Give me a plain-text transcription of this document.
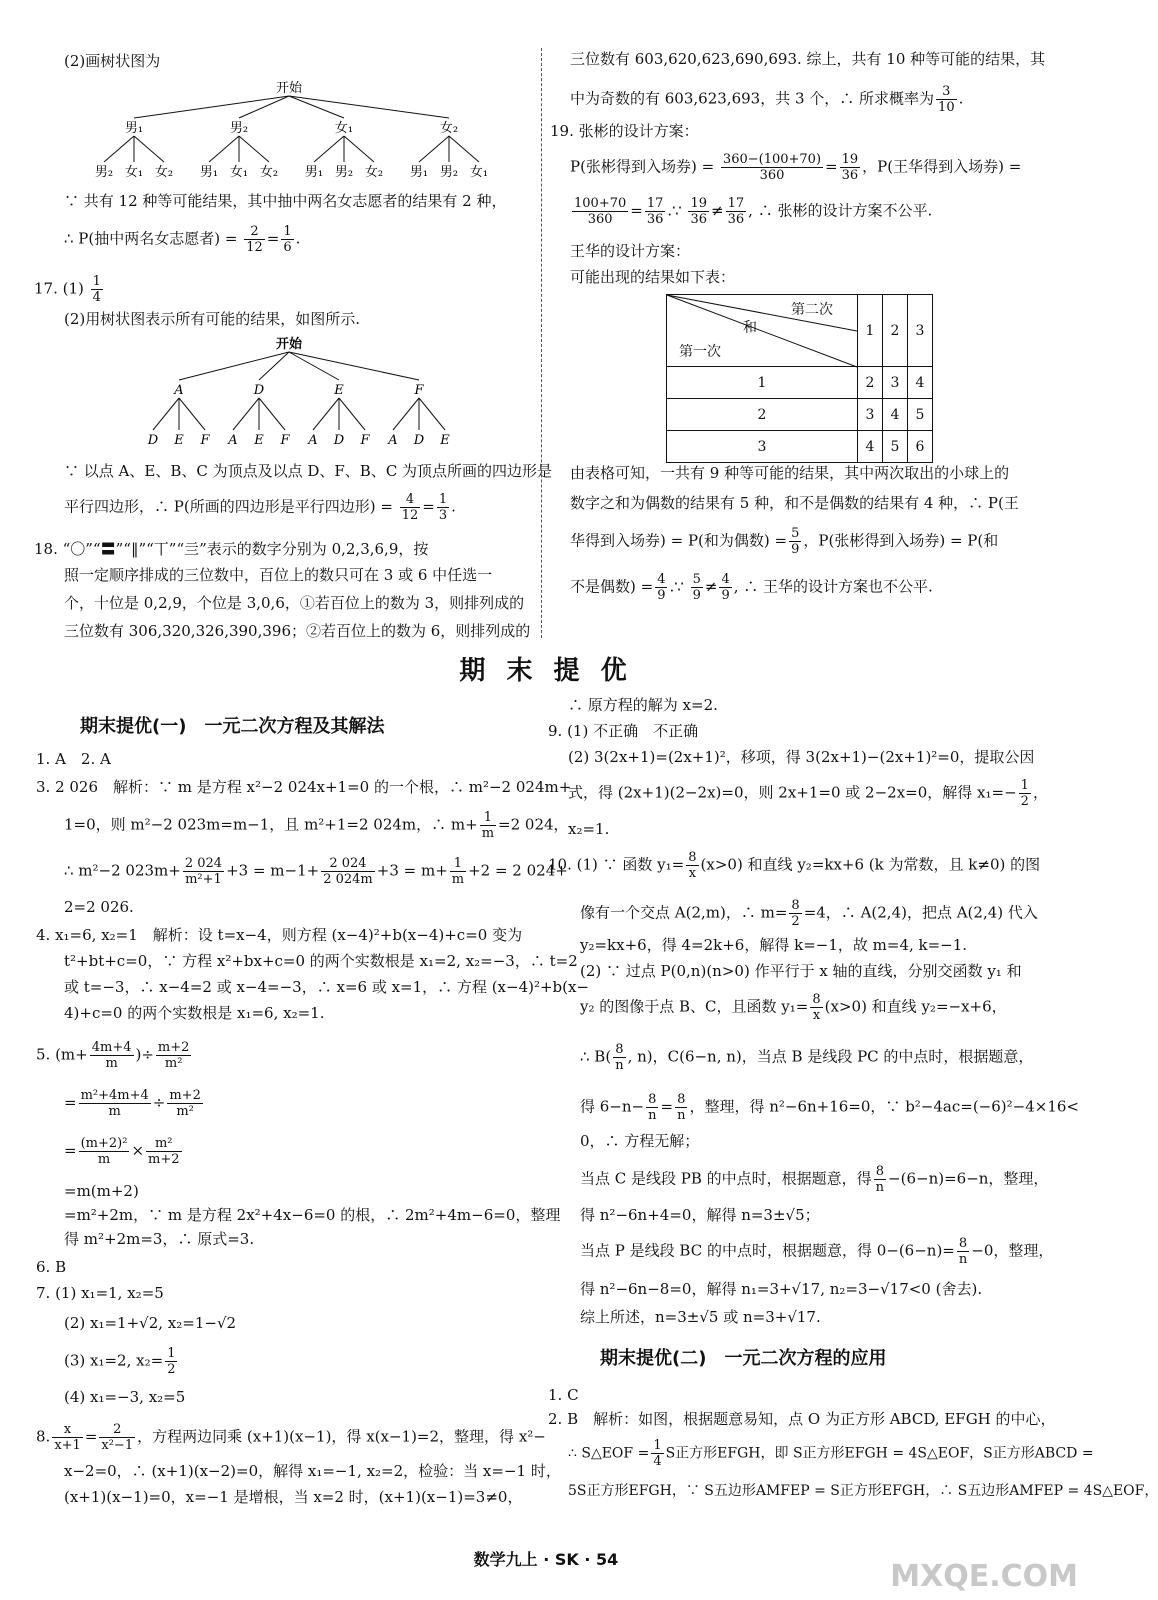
(2)画树状图为
开始
男₁
男₂ 女₁ 女₂
男₂
男₁ 女₁ 女₂
女₁
男₁ 男₂ 女₂
女₂
男₁ 男₂ 女₁
∵ 共有 12 种等可能结果，其中抽中两名女志愿者的结果有 2 种，
∴ P(抽中两名女志愿者) = $\frac{2}{12} = \frac{1}{6}$ .
17. $(1) \frac{1}{4}$
(2)用树状图表示所有可能的结果，如图所示.
开始
A
D E F
D
A E F
E
A D F
F
A D E
∵ 以点 A、E、B、C 为顶点及以点 D、F、B、C 为顶点所画的四边形是
平行四边形，∴ P(所画的四边形是平行四边形) = $\frac{4}{12} = \frac{1}{3}$ .
18. “〇”“〓”“‖”“丅”“亖”表示的数字分别为 0,2,3,6,9，按
照一定顺序排成的三位数中，百位上的数只可在 3 或 6 中任选一
个，十位是 0,2,9，个位是 3,0,6，①若百位上的数为 3，则排列成的
三位数有 306,320,326,390,396；②若百位上的数为 6，则排列成的
三位数有 603,620,623,690,693. 综上，共有 10 种等可能的结果，其
中为奇数的有 603,623,693，共 3 个，∴ 所求概率为 $\frac{3}{10}$ .
19. 张彬的设计方案：
P(张彬得到入场券) = $\frac{360-(100+70)}{360} = \frac{19}{36}$ ，P(王华得到入场券) =
$\frac{100+70}{360} = \frac{17}{36}$ .∵ $\frac{19}{36} \ne \frac{17}{36}$ , ∴ 张彬的设计方案不公平.
王华的设计方案：
可能出现的结果如下表：
第二次
和
第一次	1	2	3
1	2	3	4
2	3	4	5
3	4	5	6
由表格可知，一共有 9 种等可能的结果，其中两次取出的小球上的
数字之和为偶数的结果有 5 种，和不是偶数的结果有 4 种，∴ P(王
华得到入场券) = P(和为偶数) = $\frac{5}{9}$ ，P(张彬得到入场券) = P(和
不是偶数) = $\frac{4}{9}$ .∵ $\frac{5}{9} \ne \frac{4}{9}$ , ∴ 王华的设计方案也不公平.
期 末 提 优
期末提优(一)　一元二次方程及其解法
1. A　2. A
3. 2 026　解析：∵ m 是方程 x²−2 024x+1=0 的一个根，∴ m²−2 024m+
1=0，则 m²−2 023m=m−1，且 m²+1=2 024m，∴ $m+ \frac{1}{m} =2$ 024，
∴ m²−2 $023m+ \frac{2 024}{\text{m²+1}} +3 = m-1+ \frac{2 024}{2 024m} +3 = m+ \frac{1}{m} +2 = 2$ 024+
2=2 026.
4. x₁=6, x₂=1　解析：设 t=x−4，则方程 (x−4)²+b(x−4)+c=0 变为
t²+bt+c=0，∵ 方程 x²+bx+c=0 的两个实数根是 x₁=2, x₂=−3，∴ t=2
或 t=−3，∴ x−4=2 或 x−4=−3，∴ x=6 或 x=1，∴ 方程 (x−4)²+b(x−
4)+c=0 的两个实数根是 x₁=6, x₂=1.
5. ($m+ \frac{4m+4}{m}$ )÷ $\frac{m+2}{\text{m²}}$
= $\frac{\text{m²+4m+4}}{m} \div \frac{m+2}{\text{m²}}$
= $\frac{\text{(m+2)²}}{m} \times \frac{\text{m²}}{m+2}$
=m(m+2)
=m²+2m，∵ m 是方程 2x²+4x−6=0 的根，∴ 2m²+4m−6=0，整理
得 m²+2m=3，∴ 原式=3.
6. B
7. (1) x₁=1, x₂=5
(2) x₁=1+√2, x₂=1−√2
(3) x₁=2, $x_2= \frac{1}{2}$
(4) x₁=−3, x₂=5
8. $\frac{x}{x+1} = \frac{2}{\text{x²−1}}$ ，方程两边同乘 (x+1)(x−1)，得 x(x−1)=2，整理，得 x²−
x−2=0，∴ (x+1)(x−2)=0，解得 x₁=−1, x₂=2，检验：当 x=−1 时，
(x+1)(x−1)=0，x=−1 是增根，当 x=2 时，(x+1)(x−1)=3≠0，
∴ 原方程的解为 x=2.
9. (1) 不正确　不正确
(2) 3(2x+1)=(2x+1)²，移项，得 3(2x+1)−(2x+1)²=0，提取公因
式，得 (2x+1)(2−2x)=0，则 2x+1=0 或 2−2x=0，解得 $x_1=- \frac{1}{2}$ ，
x₂=1.
10. (1) ∵ 函数 $y_1= \frac{8}{x} (x>0)$ 和直线 y₂=kx+6 (k 为常数，且 k≠0) 的图
像有一个交点 A(2,m)，∴ $m= \frac{8}{2} =4$，∴ A(2,4)，把点 A(2,4) 代入
y₂=kx+6，得 4=2k+6，解得 k=−1，故 m=4, k=−1.
(2) ∵ 过点 P(0,n)(n>0) 作平行于 x 轴的直线，分别交函数 y₁ 和
y₂ 的图像于点 B、C，且函数 $y_1= \frac{8}{x} (x>0)$ 和直线 y₂=−x+6，
∴ $B( \frac{8}{n}$ , n)，C(6−n, n)，当点 B 是线段 PC 的中点时，根据题意，
得 $6-n- \frac{8}{n} = \frac{8}{n}$ ，整理，得 n²−6n+16=0，∵ b²−4ac=(−6)²−4×16<
0，∴ 方程无解；
当点 C 是线段 PB 的中点时，根据题意，得 $\frac{8}{n} -(6-n)=6-n$，整理，
得 n²−6n+4=0，解得 n=3±√5；
当点 P 是线段 BC 的中点时，根据题意，得 $0-(6-n)= \frac{8}{n} -0$，整理，
得 n²−6n−8=0，解得 n₁=3+√17, n₂=3−√17<0 (舍去).
综上所述，n=3±√5 或 n=3+√17.
1. C
2. B　解析：如图，根据题意易知，点 O 为正方形 ABCD, EFGH 的中心，
∴ S△EOF = $\frac{1}{4}$ S正方形EFGH，即 S正方形EFGH = 4S△EOF，S正方形ABCD =
5S正方形EFGH，∵ S五边形AMFEP = S正方形EFGH，∴ S五边形AMFEP = 4S△EOF，
期末提优(二)　一元二次方程的应用
数学九上 · SK · 54	MXQE.COM
